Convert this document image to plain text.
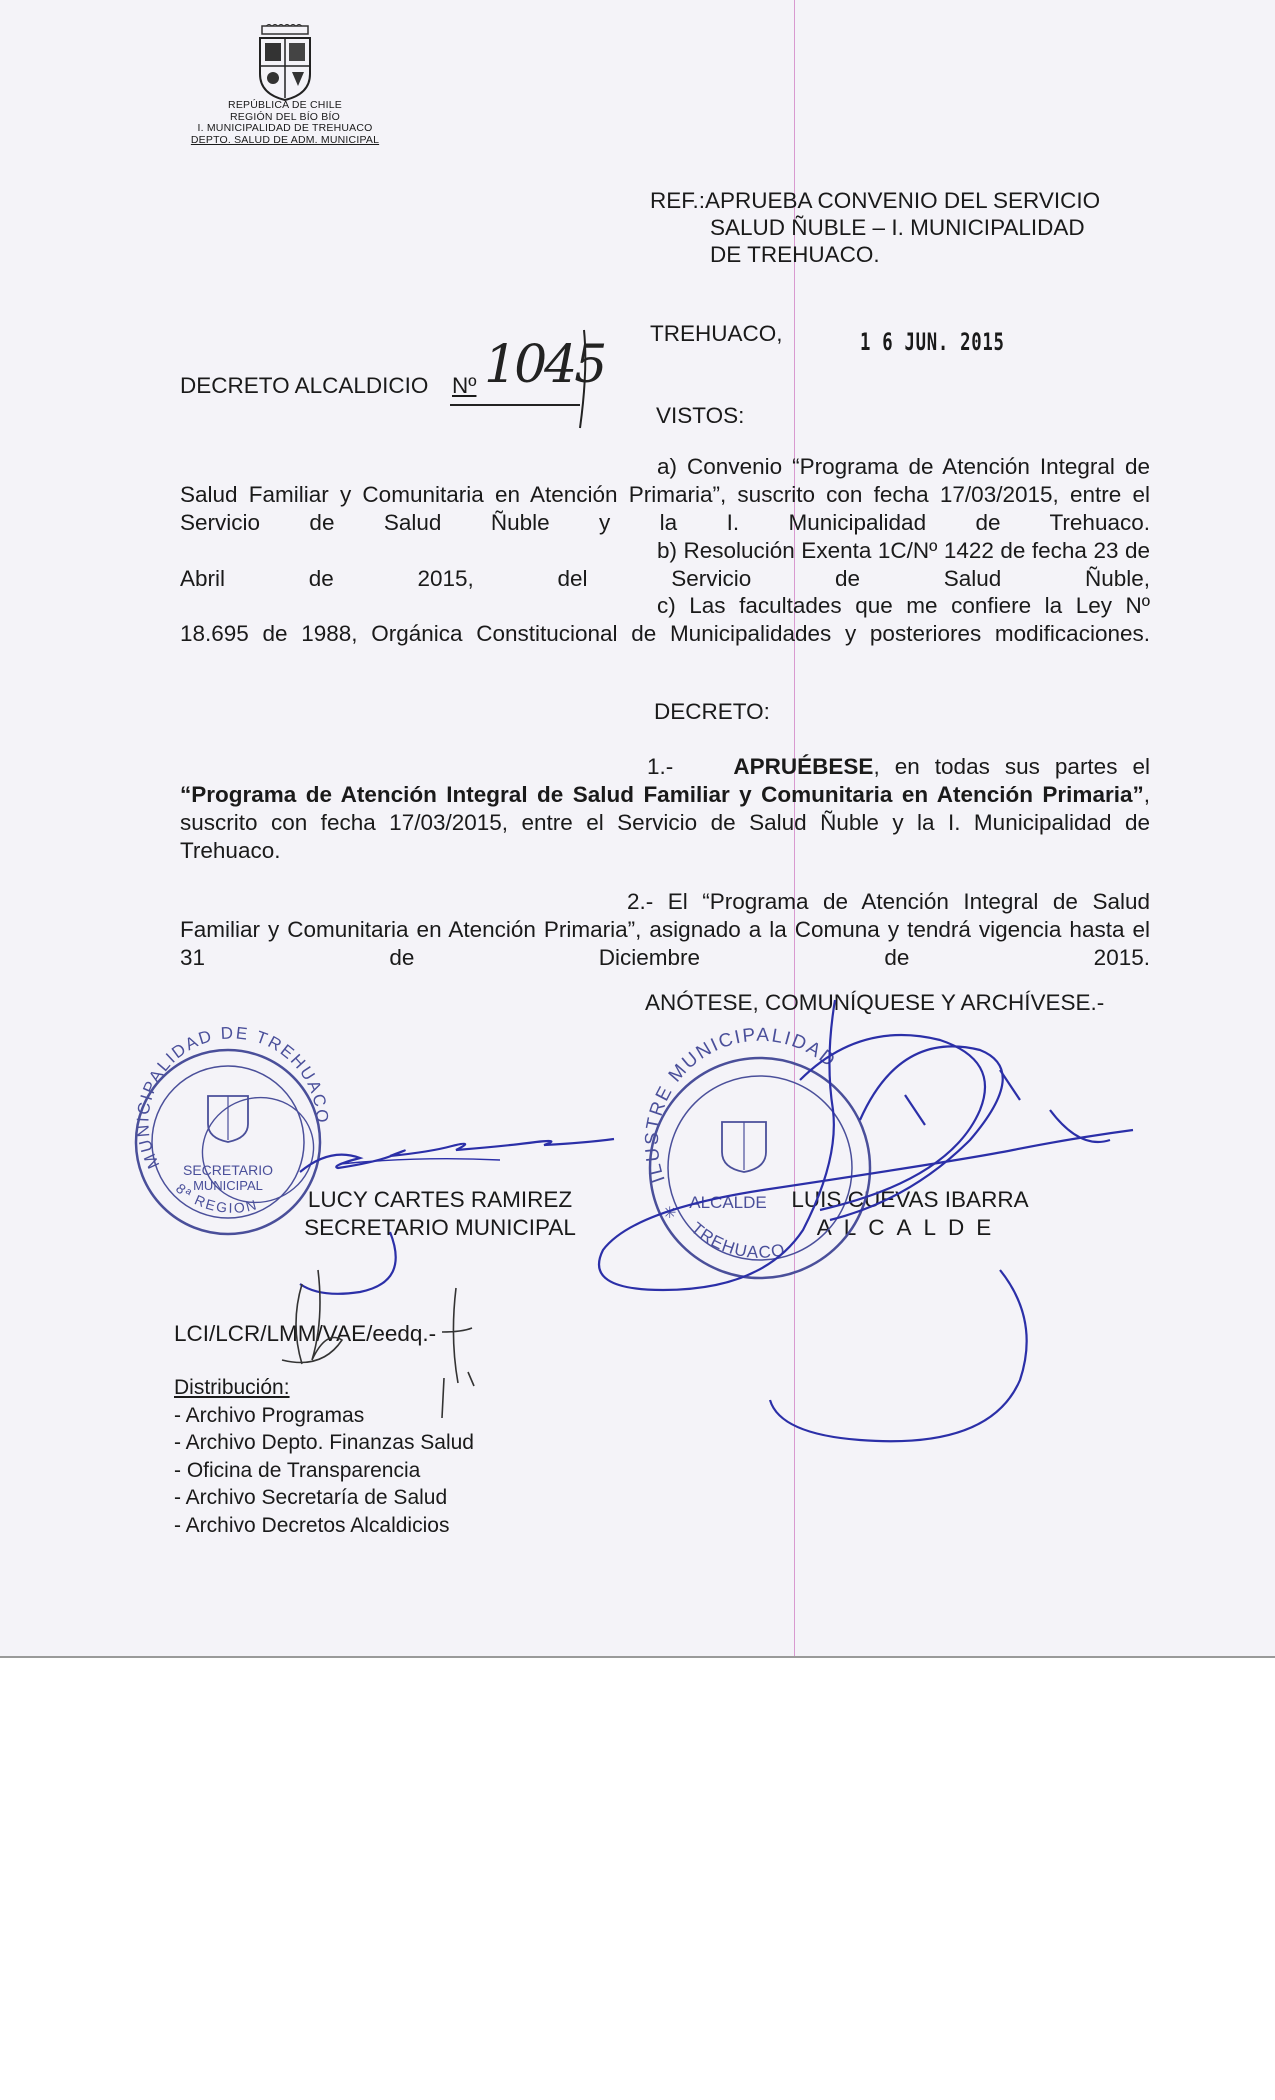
REPÚBLICA DE CHILE
REGIÓN DEL BÍO BÍO
I. MUNICIPALIDAD DE TREHUACO
DEPTO. SALUD DE ADM. MUNICIPAL
REF.:APRUEBA CONVENIO DEL SERVICIO
SALUD ÑUBLE – I. MUNICIPALIDAD
DE TREHUACO.
TREHUACO,	1 6 JUN. 2015
DECRETO ALCALDICIO Nº 1045
VISTOS:
a) Convenio “Programa de Atención Integral de Salud Familiar y Comunitaria en Atención Primaria”, suscrito con fecha 17/03/2015, entre el Servicio de Salud Ñuble y la I. Municipalidad de Trehuaco.
b) Resolución Exenta 1C/Nº 1422 de fecha 23 de Abril de 2015, del Servicio de Salud Ñuble,
c) Las facultades que me confiere la Ley Nº 18.695 de 1988, Orgánica Constitucional de Municipalidades y posteriores modificaciones.
DECRETO:
1.-	APRUÉBESE, en todas sus partes el “Programa de Atención Integral de Salud Familiar y Comunitaria en Atención Primaria”, suscrito con fecha 17/03/2015, entre el Servicio de Salud Ñuble y la I. Municipalidad de Trehuaco.
2.- El “Programa de Atención Integral de Salud Familiar y Comunitaria en Atención Primaria”, asignado a la Comuna y tendrá vigencia hasta el 31 de Diciembre de 2015.
ANÓTESE, COMUNÍQUESE Y ARCHÍVESE.-
LUCY CARTES RAMIREZ
SECRETARIO MUNICIPAL
LUIS CUEVAS IBARRA
ALCALDE
LCI/LCR/LMM/VAE/eedq.-
Distribución:
- Archivo Programas
- Archivo Depto. Finanzas Salud
- Oficina de Transparencia
- Archivo Secretaría de Salud
- Archivo Decretos Alcaldicios
MUNICIPALIDAD DE TREHUACO
8ª REGION
SECRETARIO
MUNICIPAL	ILUSTRE MUNICIPALIDAD
TREHUACO
ALCALDE
✳
